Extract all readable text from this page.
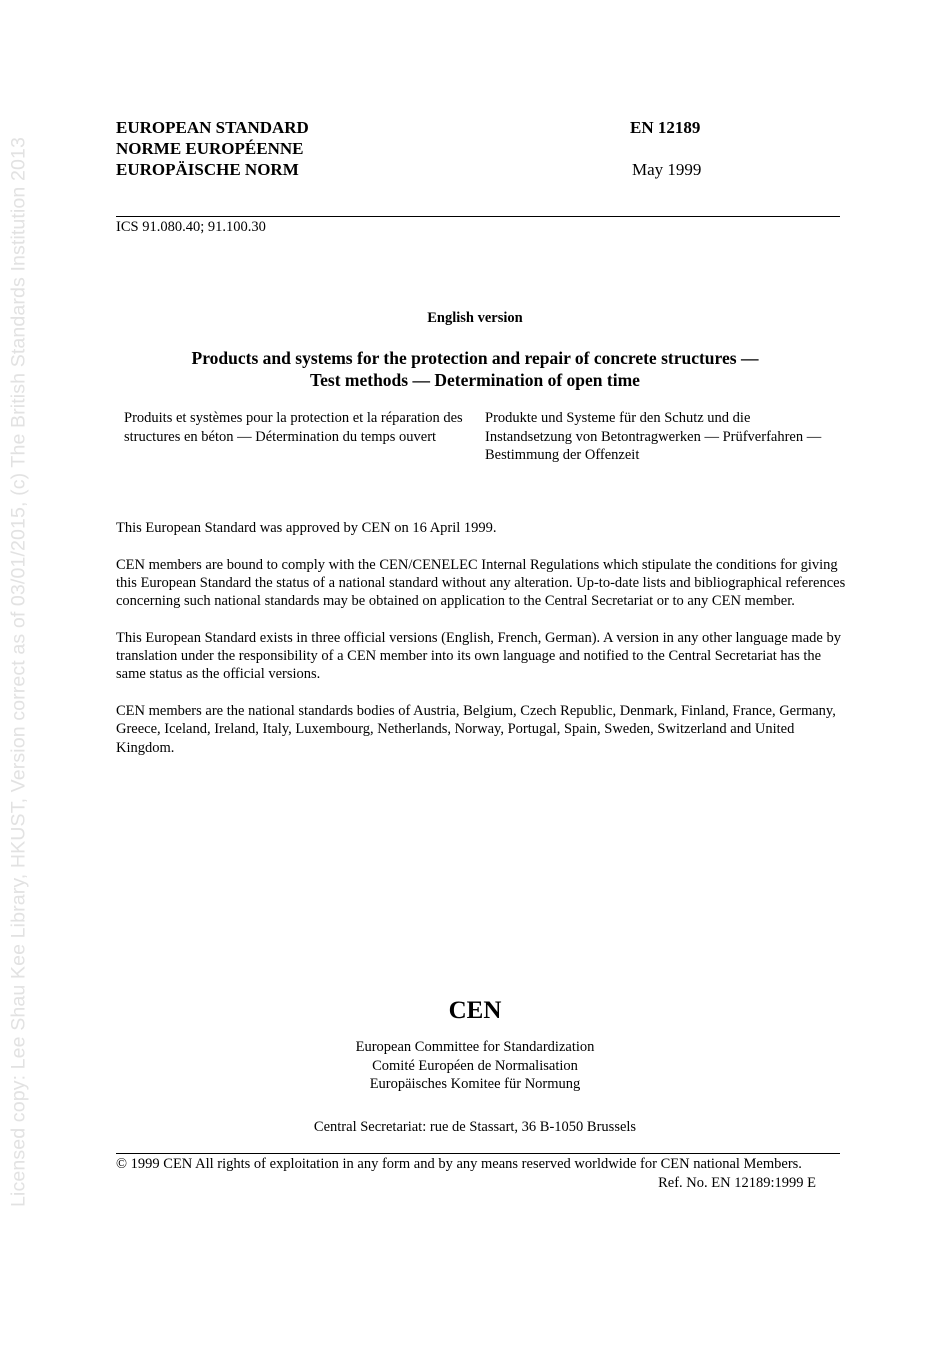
Licensed copy: Lee Shau Kee Library, HKUST, Version correct as of 03/01/2015, (c) The British Standards Institution 2013
EUROPEAN STANDARD
NORME EUROPÉENNE
EUROPÄISCHE NORM
EN 12189
May 1999
ICS 91.080.40; 91.100.30
English version
Products and systems for the protection and repair of concrete structures —
Test methods — Determination of open time
Produits et systèmes pour la protection et la réparation des structures en béton — Détermination du temps ouvert
Produkte und Systeme für den Schutz und die Instandsetzung von Betontragwerken — Prüfverfahren — Bestimmung der Offenzeit

This European Standard was approved by CEN on 16 April 1999.

CEN members are bound to comply with the CEN/CENELEC Internal Regulations which stipulate the conditions for giving this European Standard the status of a national standard without any alteration. Up-to-date lists and bibliographical references concerning such national standards may be obtained on application to the Central Secretariat or to any CEN member.

This European Standard exists in three official versions (English, French, German). A version in any other language made by translation under the responsibility of a CEN member into its own language and notified to the Central Secretariat has the same status as the official versions.

CEN members are the national standards bodies of Austria, Belgium, Czech Republic, Denmark, Finland, France, Germany, Greece, Iceland, Ireland, Italy, Luxembourg, Netherlands, Norway, Portugal, Spain, Sweden, Switzerland and United Kingdom.

CEN
European Committee for Standardization
Comité Européen de Normalisation
Europäisches Komitee für Normung
Central Secretariat: rue de Stassart, 36 B-1050 Brussels
© 1999 CEN All rights of exploitation in any form and by any means reserved worldwide for CEN national Members.
Ref. No. EN 12189:1999 E
